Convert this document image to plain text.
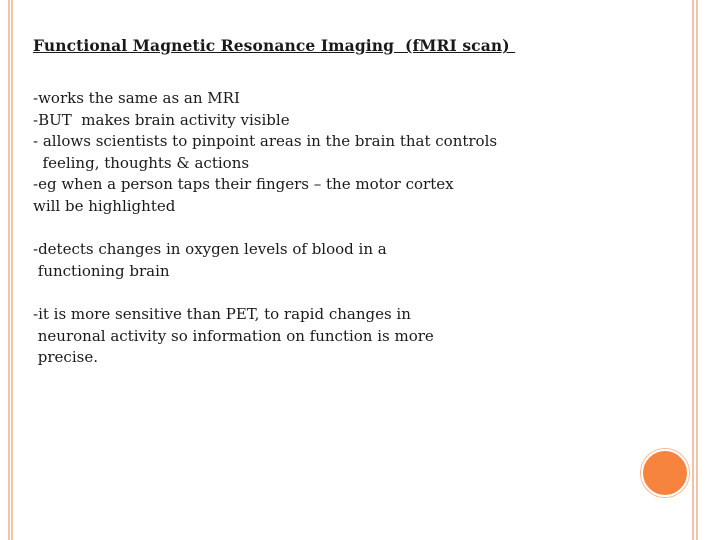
Functional Magnetic Resonance Imaging  (fMRI scan)

-works the same as an MRI
-BUT  makes brain activity visible
- allows scientists to pinpoint areas in the brain that controls
feeling, thoughts & actions
-eg when a person taps their fingers – the motor cortex
will be highlighted

-detects changes in oxygen levels of blood in a
functioning brain

-it is more sensitive than PET, to rapid changes in
neuronal activity so information on function is more
precise.
